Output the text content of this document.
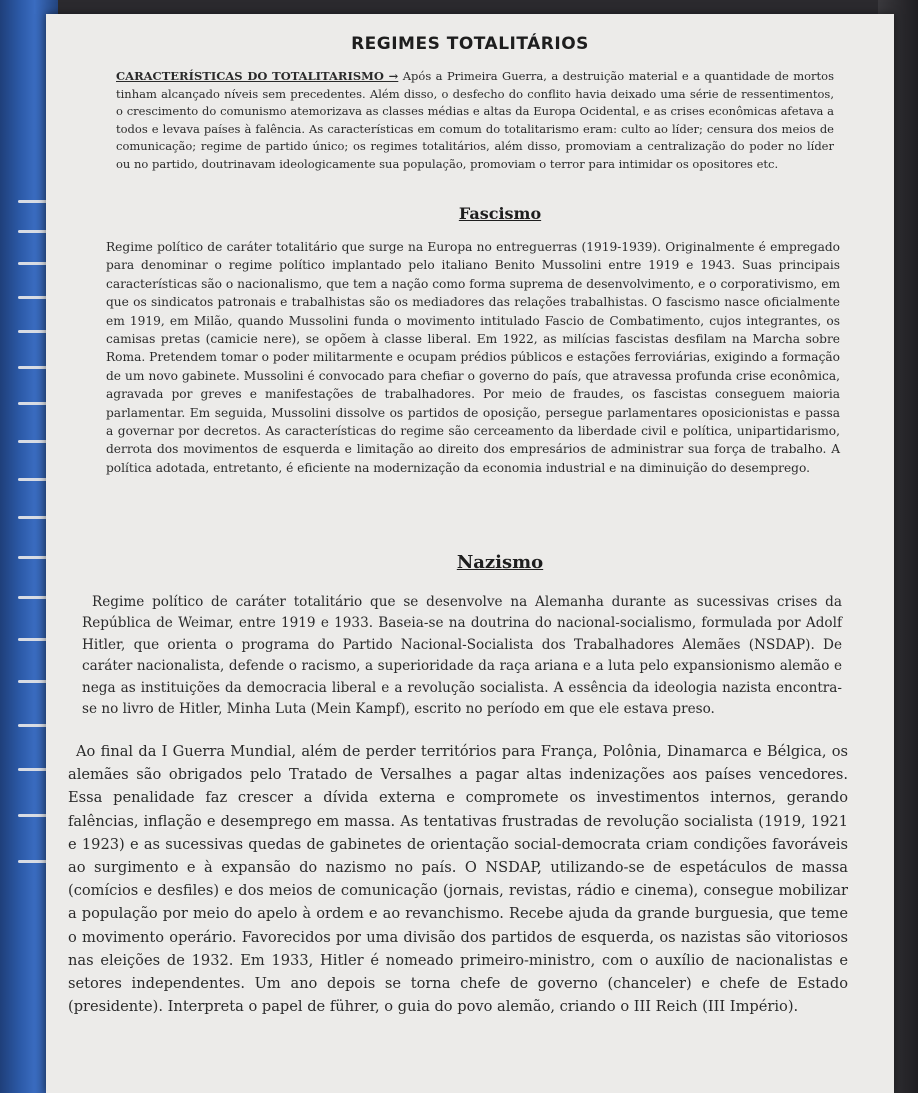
REGIMES TOTALITÁRIOS

CARACTERÍSTICAS DO TOTALITARISMO → Após a Primeira Guerra, a destruição material e a quantidade de mortos tinham alcançado níveis sem precedentes. Além disso, o desfecho do conflito havia deixado uma série de ressentimentos, o crescimento do comunismo atemorizava as classes médias e altas da Europa Ocidental, e as crises econômicas afetava a todos e levava países à falência. As características em comum do totalitarismo eram: culto ao líder; censura dos meios de comunicação; regime de partido único; os regimes totalitários, além disso, promoviam a centralização do poder no líder ou no partido, doutrinavam ideologicamente sua população, promoviam o terror para intimidar os opositores etc.

Fascismo

Regime político de caráter totalitário que surge na Europa no entreguerras (1919-1939). Originalmente é empregado para denominar o regime político implantado pelo italiano Benito Mussolini entre 1919 e 1943. Suas principais características são o nacionalismo, que tem a nação como forma suprema de desenvolvimento, e o corporativismo, em que os sindicatos patronais e trabalhistas são os mediadores das relações trabalhistas. O fascismo nasce oficialmente em 1919, em Milão, quando Mussolini funda o movimento intitulado Fascio de Combatimento, cujos integrantes, os camisas pretas (camicie nere), se opõem à classe liberal. Em 1922, as milícias fascistas desfilam na Marcha sobre Roma. Pretendem tomar o poder militarmente e ocupam prédios públicos e estações ferroviárias, exigindo a formação de um novo gabinete. Mussolini é convocado para chefiar o governo do país, que atravessa profunda crise econômica, agravada por greves e manifestações de trabalhadores. Por meio de fraudes, os fascistas conseguem maioria parlamentar. Em seguida, Mussolini dissolve os partidos de oposição, persegue parlamentares oposicionistas e passa a governar por decretos. As características do regime são cerceamento da liberdade civil e política, unipartidarismo, derrota dos movimentos de esquerda e limitação ao direito dos empresários de administrar sua força de trabalho. A política adotada, entretanto, é eficiente na modernização da economia industrial e na diminuição do desemprego.

Nazismo

Regime político de caráter totalitário que se desenvolve na Alemanha durante as sucessivas crises da República de Weimar, entre 1919 e 1933. Baseia-se na doutrina do nacional-socialismo, formulada por Adolf Hitler, que orienta o programa do Partido Nacional-Socialista dos Trabalhadores Alemães (NSDAP). De caráter nacionalista, defende o racismo, a superioridade da raça ariana e a luta pelo expansionismo alemão e nega as instituições da democracia liberal e a revolução socialista. A essência da ideologia nazista encontra-se no livro de Hitler, Minha Luta (Mein Kampf), escrito no período em que ele estava preso.

Ao final da I Guerra Mundial, além de perder territórios para França, Polônia, Dinamarca e Bélgica, os alemães são obrigados pelo Tratado de Versalhes a pagar altas indenizações aos países vencedores. Essa penalidade faz crescer a dívida externa e compromete os investimentos internos, gerando falências, inflação e desemprego em massa. As tentativas frustradas de revolução socialista (1919, 1921 e 1923) e as sucessivas quedas de gabinetes de orientação social-democrata criam condições favoráveis ao surgimento e à expansão do nazismo no país. O NSDAP, utilizando-se de espetáculos de massa (comícios e desfiles) e dos meios de comunicação (jornais, revistas, rádio e cinema), consegue mobilizar a população por meio do apelo à ordem e ao revanchismo. Recebe ajuda da grande burguesia, que teme o movimento operário. Favorecidos por uma divisão dos partidos de esquerda, os nazistas são vitoriosos nas eleições de 1932. Em 1933, Hitler é nomeado primeiro-ministro, com o auxílio de nacionalistas e setores independentes. Um ano depois se torna chefe de governo (chanceler) e chefe de Estado (presidente). Interpreta o papel de führer, o guia do povo alemão, criando o III Reich (III Império).
